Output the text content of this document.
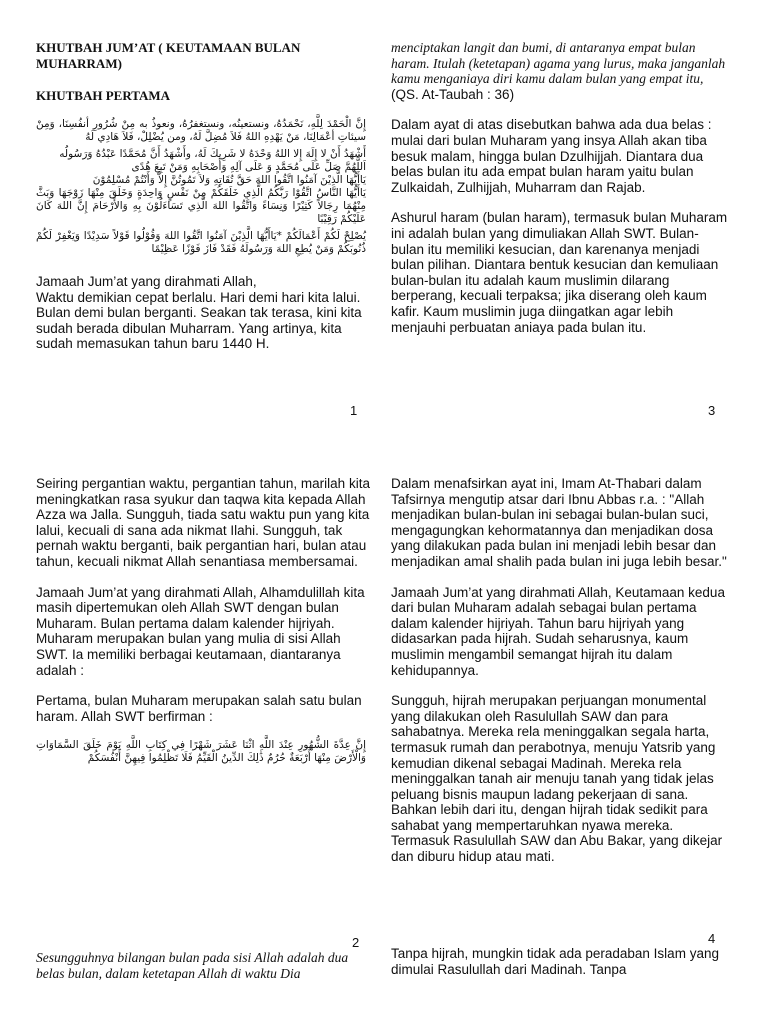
KHUTBAH JUM’AT ( KEUTAMAAN BULAN MUHARRAM)
KHUTBAH PERTAMA
إِنَّ الْحَمْدَ لِلَّهِ، نَحْمَدُهُ، ونستعينُه، ونستغفرُهُ، ونعوذُ به مِنْ شُرُورِ أنفُسِنَا، وَمِنْ سيئاتِ أعْمَالِنَا، مَنْ يَهْدِهِ اللهُ فَلاَ مُضِلَّ لَهُ، ومن يُضْلِلْ، فَلاَ هَادِي لَهُ
أَشْهَدُ أَنْ لا إِلَهَ إِلا اللهُ وَحْدَهُ لا شَرِيكَ لَهُ، وأَشْهَدُ أَنَّ مُحَمَّدًا عَبْدُهُ وَرَسُولُه
اَللَّهُمَّ صَلِّ عَلَى مُحَمَّدٍ وَ عَلَى آلِهِ وَأَصْحَابِهِ وَمَنْ تَبِعَ هُدًى
يَاأَيُّهَا الَّذِيْنَ آمَنُوا اتَّقُوا اللهَ حَقَّ تُقَاتِهِ وَلاَ تَمُوتُنَّ إِلاَّ وَأَنْتُمْ مُسْلِمُوْنَ
يَاأَيُّهَا النَّاسُ اتَّقُوْا رَبَّكُمُ الَّذِي خَلَقَكُمْ مِنْ نَفْسٍ وَاحِدَةٍ وَخَلَقَ مِنْهَا زَوْجَهَا وَبَثَّ مِنْهُمَا رِجَالاً كَثِيْرًا وَنِسَاءً وَاتَّقُوا اللهَ الَّذِي تَسَاءَلُوْنَ بِهِ وَالأَرْحَامَ إِنَّ اللهَ كَانَ عَلَيْكُمْ رَقِيْبًا
يُصْلِحْ لَكُمْ أَعْمَالَكُمْ *يَاأَيُّهَا الَّذِيْنَ آمَنُوا اتَّقُوا اللهَ وَقُوْلُوا قَوْلاً سَدِيْدًا وَيَغْفِرْ لَكُمْ ذُنُوبَكُمْ وَمَنْ يُطِعِ اللهَ وَرَسُولَهُ فَقَدْ فَازَ فَوْزًا عَظِيْمًا
Jamaah Jum’at yang dirahmati Allah,
Waktu demikian cepat berlalu. Hari demi hari kita lalui. Bulan demi bulan berganti. Seakan tak terasa, kini kita sudah berada dibulan Muharram. Yang artinya, kita sudah memasukan tahun baru 1440 H.
1

menciptakan langit dan bumi, di antaranya empat bulan haram. Itulah (ketetapan) agama yang lurus, maka janganlah kamu menganiaya diri kamu dalam bulan yang empat itu, (QS. At-Taubah : 36)

Dalam ayat di atas disebutkan bahwa ada dua belas : mulai dari bulan Muharam yang insya Allah akan tiba besuk malam, hingga bulan Dzulhijjah. Diantara dua belas bulan itu ada empat bulan haram yaitu bulan Zulkaidah, Zulhijjah, Muharram dan Rajab.

Ashurul haram (bulan haram), termasuk bulan Muharam ini adalah bulan yang dimuliakan Allah SWT. Bulan-bulan itu memiliki kesucian, dan karenanya menjadi bulan pilihan. Diantara bentuk kesucian dan kemuliaan bulan-bulan itu adalah kaum muslimin dilarang berperang, kecuali terpaksa; jika diserang oleh kaum kafir. Kaum muslimin juga diingatkan agar lebih menjauhi perbuatan aniaya pada bulan itu.

3

Seiring pergantian waktu, pergantian tahun, marilah kita meningkatkan rasa syukur dan taqwa kita kepada Allah Azza wa Jalla. Sungguh, tiada satu waktu pun yang kita lalui, kecuali di sana ada nikmat Ilahi. Sungguh, tak pernah waktu berganti, baik pergantian hari, bulan atau tahun, kecuali nikmat Allah senantiasa membersamai.

Jamaah Jum’at yang dirahmati Allah, Alhamdulillah kita masih dipertemukan oleh Allah SWT dengan bulan Muharam. Bulan pertama dalam kalender hijriyah. Muharam merupakan bulan yang mulia di sisi Allah SWT. Ia memiliki berbagai keutamaan, diantaranya adalah :

Pertama, bulan Muharam merupakan salah satu bulan haram. Allah SWT berfirman :

إِنَّ عِدَّةَ الشُّهُورِ عِنْدَ اللَّهِ اثْنَا عَشَرَ شَهْرًا فِي كِتَابِ اللَّهِ يَوْمَ خَلَقَ السَّمَاوَاتِ وَالْأَرْضَ مِنْهَا أَرْبَعَةٌ حُرُمٌ ذَٰلِكَ الدِّينُ الْقَيِّمُ فَلَا تَظْلِمُوا فِيهِنَّ أَنْفُسَكُمْ
2
Sesungguhnya bilangan bulan pada sisi Allah adalah dua belas bulan, dalam ketetapan Allah di waktu Dia

Dalam menafsirkan ayat ini, Imam At-Thabari dalam Tafsirnya mengutip atsar dari Ibnu Abbas r.a. : "Allah menjadikan bulan-bulan ini sebagai bulan-bulan suci, mengagungkan kehormatannya dan menjadikan dosa yang dilakukan pada bulan ini menjadi lebih besar dan menjadikan amal shalih pada bulan ini juga lebih besar."

Jamaah Jum’at yang dirahmati Allah, Keutamaan kedua dari bulan Muharam adalah sebagai bulan pertama dalam kalender hijriyah. Tahun baru hijriyah yang didasarkan pada hijrah. Sudah seharusnya, kaum muslimin mengambil semangat hijrah itu dalam kehidupannya.

Sungguh, hijrah merupakan perjuangan monumental yang dilakukan oleh Rasulullah SAW dan para sahabatnya. Mereka rela meninggalkan segala harta, termasuk rumah dan perabotnya, menuju Yatsrib yang kemudian dikenal sebagai Madinah. Mereka rela meninggalkan tanah air menuju tanah yang tidak jelas peluang bisnis maupun ladang pekerjaan di sana. Bahkan lebih dari itu, dengan hijrah tidak sedikit para sahabat yang mempertaruhkan nyawa mereka. Termasuk Rasulullah SAW dan Abu Bakar, yang dikejar dan diburu hidup atau mati.

4
Tanpa hijrah, mungkin tidak ada peradaban Islam yang dimulai Rasulullah dari Madinah. Tanpa
